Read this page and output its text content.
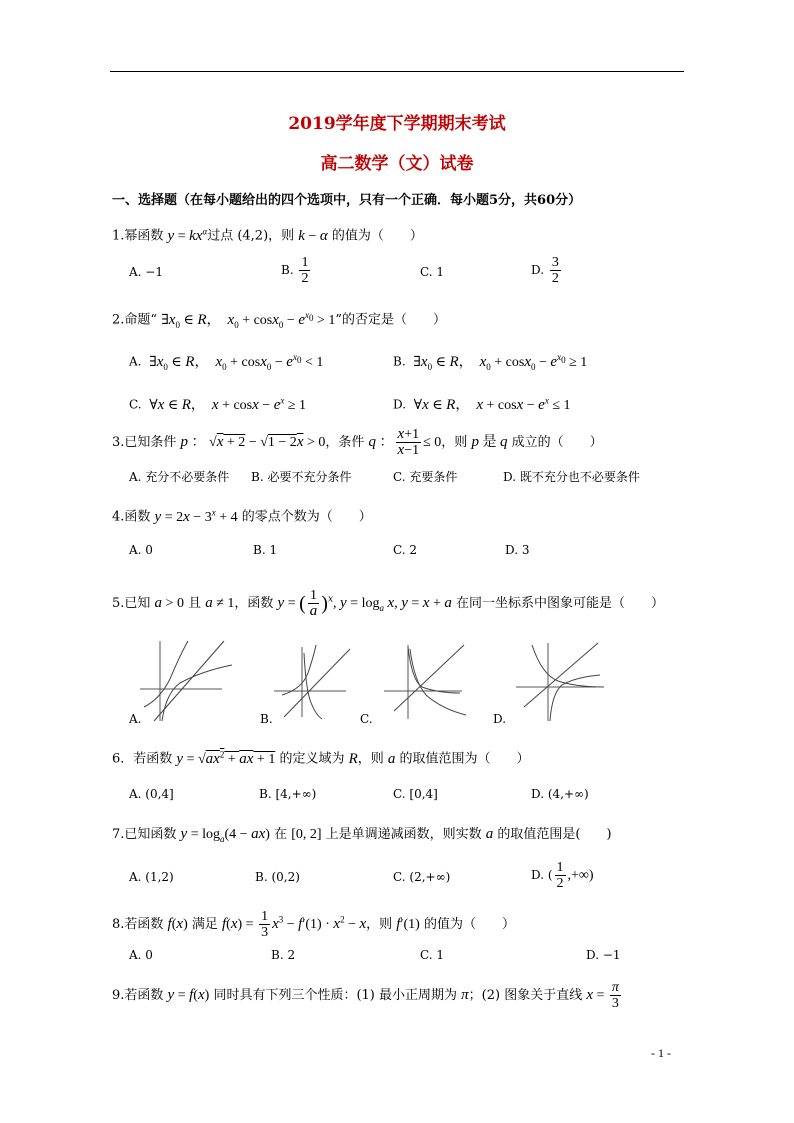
2019学年度下学期期末考试
高二数学（文）试卷
一、选择题（在每小题给出的四个选项中，只有一个正确．每小题5分，共60分）
1.幂函数 $y = kx^\alpha$过点 (4,2)，则 k − α 的值为（　　）
A. −1	B. $\frac{1}{2}$	C. 1	D. $\frac{3}{2}$
2.命题“ $\exists x_0$ ∈ R，  $x_0 + \cos x_0 - e^{x_0} > 1$”的否定是（　　）
A. $\exists x_0$ ∈ R，  $x_0 + \cos x_0 - e^{x_0} < 1$	B. $\exists x_0$ ∈ R，  $x_0 + \cos x_0 - e^{x_0} \ge 1$
C. ∀x ∈ R，  $x + \cos x - e^x \ge 1$	D. ∀x ∈ R，  $x + \cos x - e^x \le 1$
3.已知条件 p ： √x + 2 − √1 − 2x > 0，条件 q ： $\frac{x+1}{x-1} \le 0$，则 p 是 q 成立的（　　）
A. 充分不必要条件 B. 必要不充分条件	C. 充要条件	D. 既不充分也不必要条件
4.函数 $y = 2x - 3^x + 4$ 的零点个数为（　　）
A. 0	B. 1	C. 2	D. 3
5.已知 a > 0 且 a ≠ 1，函数 y = ( $\frac{1}{a} )^x$, $y = \log_a x$, y = x + a 在同一坐标系中图象可能是（　　）
A.	B.	C.	D.
6．若函数 $y = √ax^2$ + ax + 1 的定义域为 R，则 a 的取值范围为（　　）
A. (0,4]	B. [4,+∞)	C. [0,4]	D. (4,+∞)
7.已知函数 $y = \log_a(4 - ax)$ 在 [0, 2] 上是单调递减函数，则实数 a 的取值范围是(　　)
A. (1,2)	B. (0,2)	C. (2,+∞)	D. ( $\frac{1}{2}$ ,+∞)
8.若函数 f(x) 满足 $f(x) = \frac{1}{3} x^3 - f'(1) \cdot x^2 - x$，则 f′(1) 的值为（　　）
A. 0	B. 2	C. 1	D. −1
9.若函数 y = f(x) 同时具有下列三个性质：(1) 最小正周期为 π；(2) 图象关于直线 $x = \frac{\pi}{3}$
- 1 -
